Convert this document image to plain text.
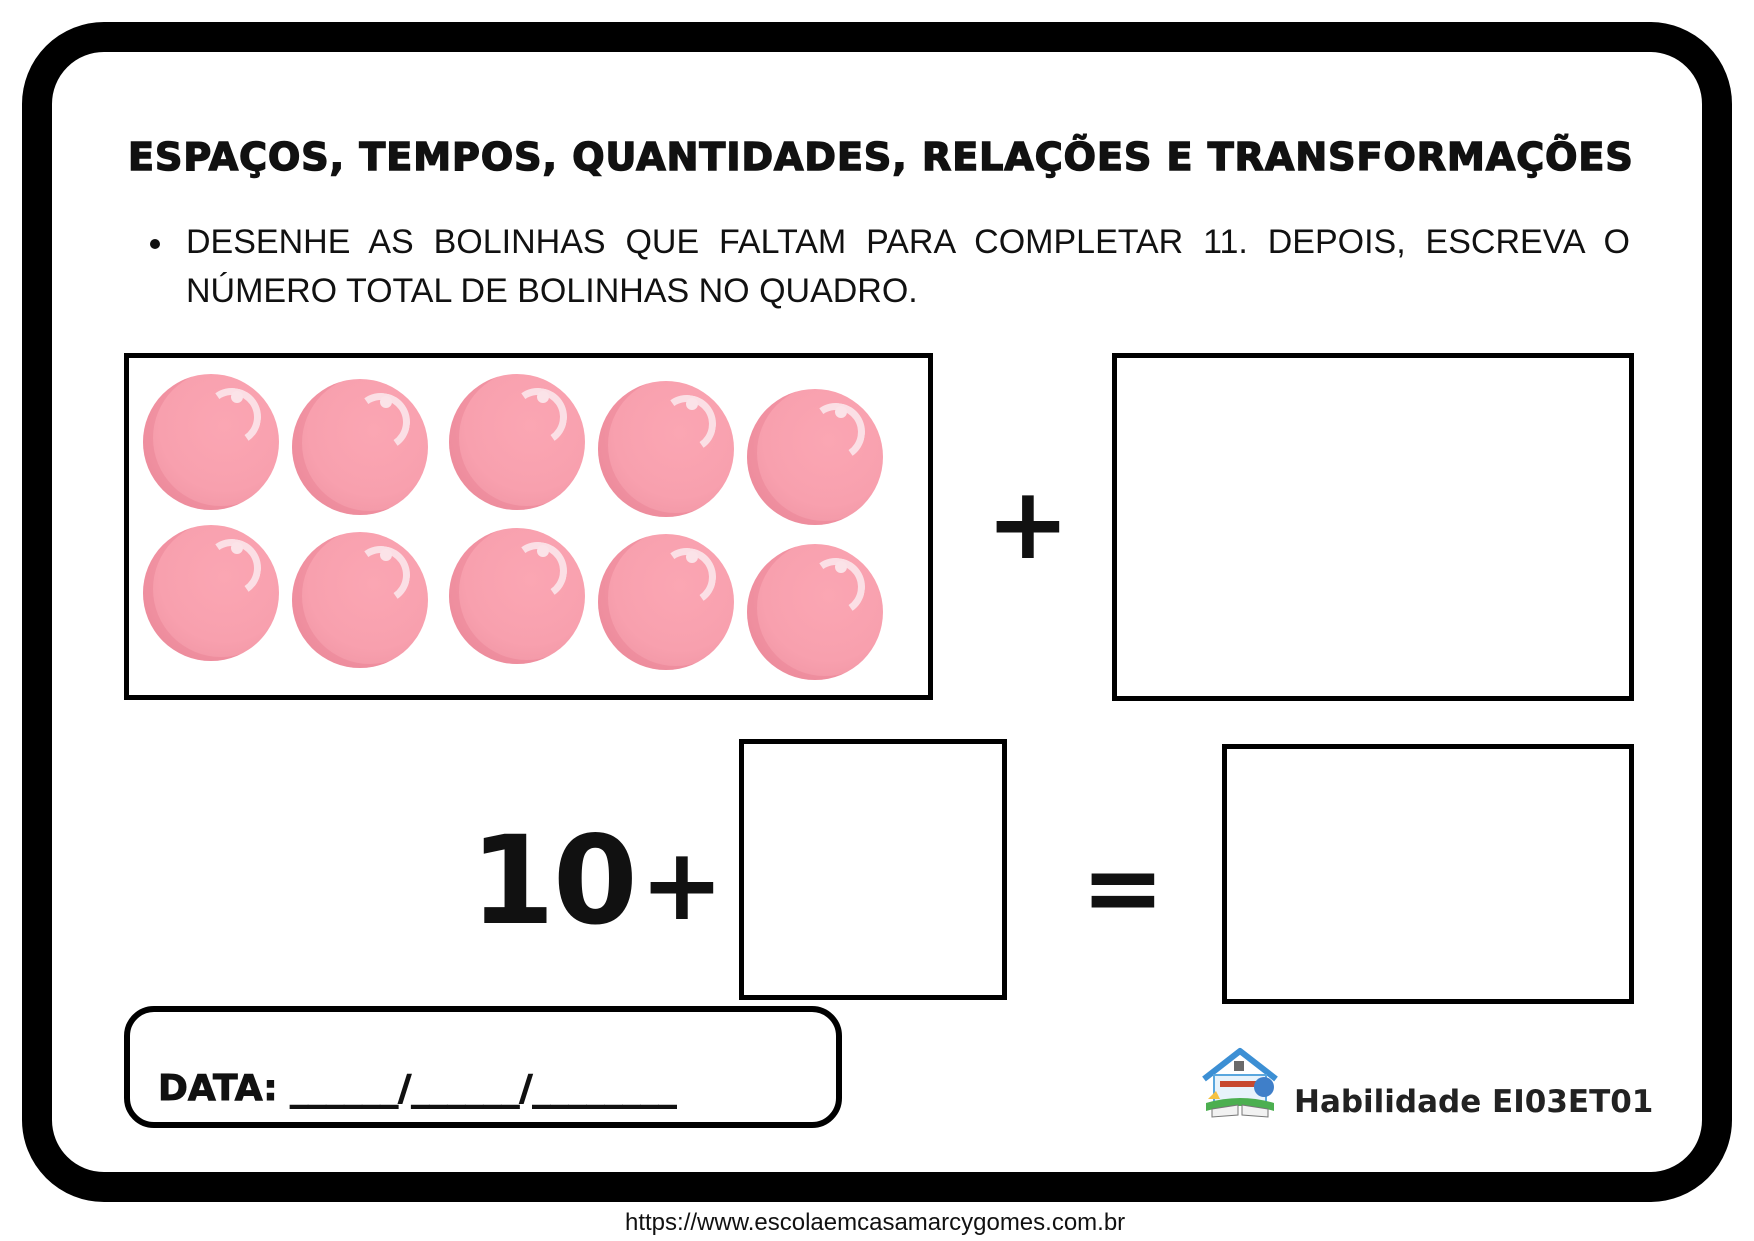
ESPAÇOS, TEMPOS, QUANTIDADES, RELAÇÕES E TRANSFORMAÇÕES
DESENHE AS BOLINHAS QUE FALTAM PARA COMPLETAR 11. DEPOIS, ESCREVA O NÚMERO TOTAL DE BOLINHAS NO QUADRO.
+
10 +	=
DATA: ______/______/________	Habilidade EI03ET01
https://www.escolaemcasamarcygomes.com.br
